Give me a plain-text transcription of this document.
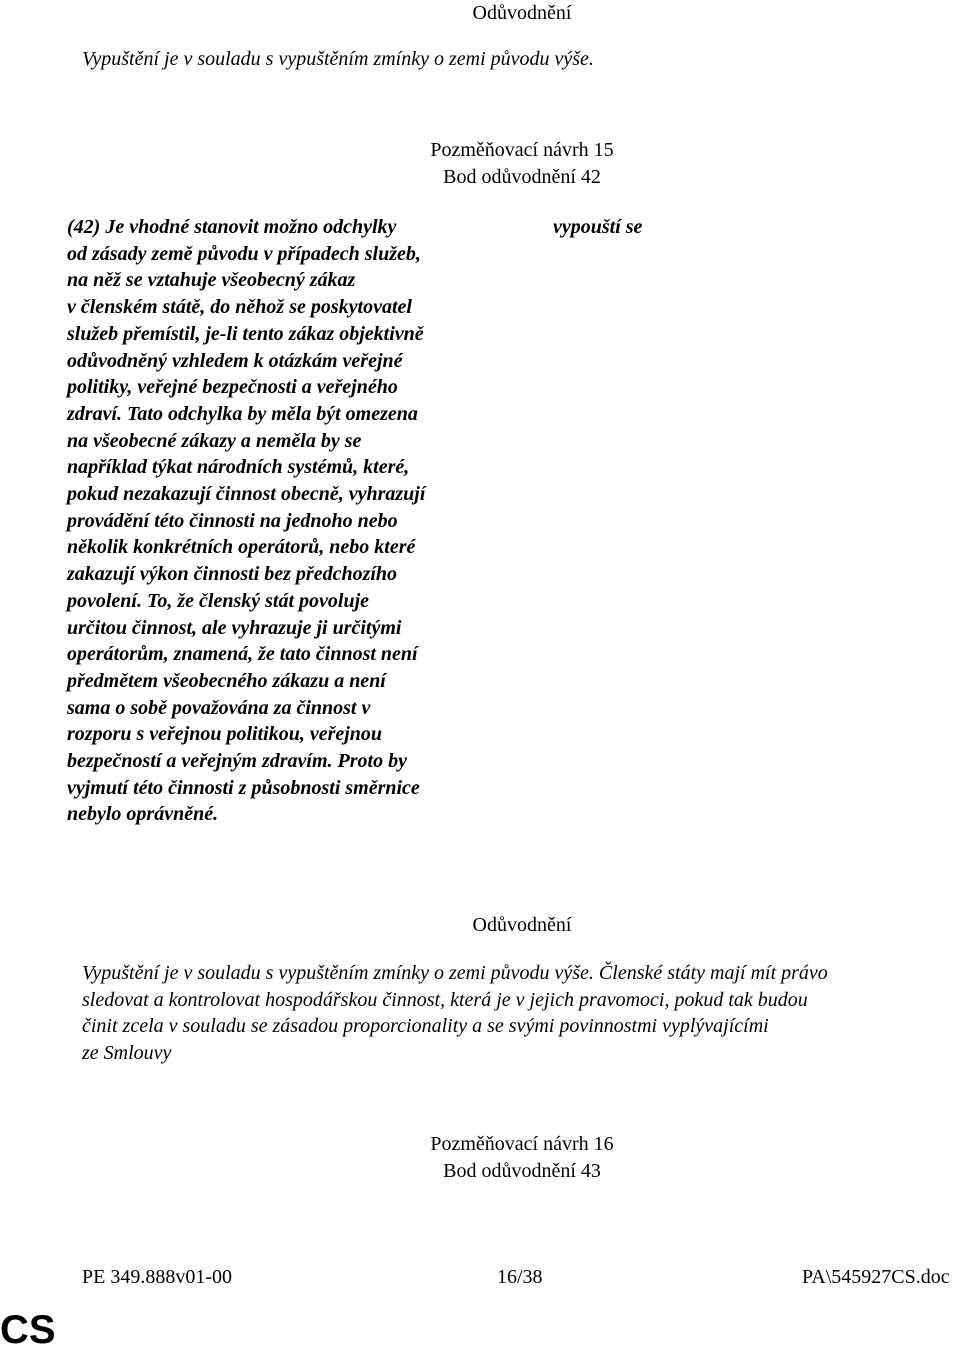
Odůvodnění
Vypuštění je v souladu s vypuštěním zmínky o zemi původu výše.
Pozměňovací návrh 15
Bod odůvodnění 42
(42) Je vhodné stanovit možno odchylky
od zásady země původu v případech služeb,
na něž se vztahuje všeobecný zákaz
v členském státě, do něhož se poskytovatel
služeb přemístil, je-li tento zákaz objektivně
odůvodněný vzhledem k otázkám veřejné
politiky, veřejné bezpečnosti a veřejného
zdraví. Tato odchylka by měla být omezena
na všeobecné zákazy a neměla by se
například týkat národních systémů, které,
pokud nezakazují činnost obecně, vyhrazují
provádění této činnosti na jednoho nebo
několik konkrétních operátorů, nebo které
zakazují výkon činnosti bez předchozího
povolení. To, že členský stát povoluje
určitou činnost, ale vyhrazuje ji určitými
operátorům, znamená, že tato činnost není
předmětem všeobecného zákazu a není
sama o sobě považována za činnost v
rozporu s veřejnou politikou, veřejnou
bezpečností a veřejným zdravím. Proto by
vyjmutí této činnosti z působnosti směrnice
nebylo oprávněné.
vypouští se
Odůvodnění
Vypuštění je v souladu s vypuštěním zmínky o zemi původu výše. Členské státy mají mít právo
sledovat a kontrolovat hospodářskou činnost, která je v jejich pravomoci, pokud tak budou
činit zcela v souladu se zásadou proporcionality a se svými povinnostmi vyplývajícími
ze Smlouvy
Pozměňovací návrh 16
Bod odůvodnění 43
PE 349.888v01-00	16/38	PA\545927CS.doc
CS
